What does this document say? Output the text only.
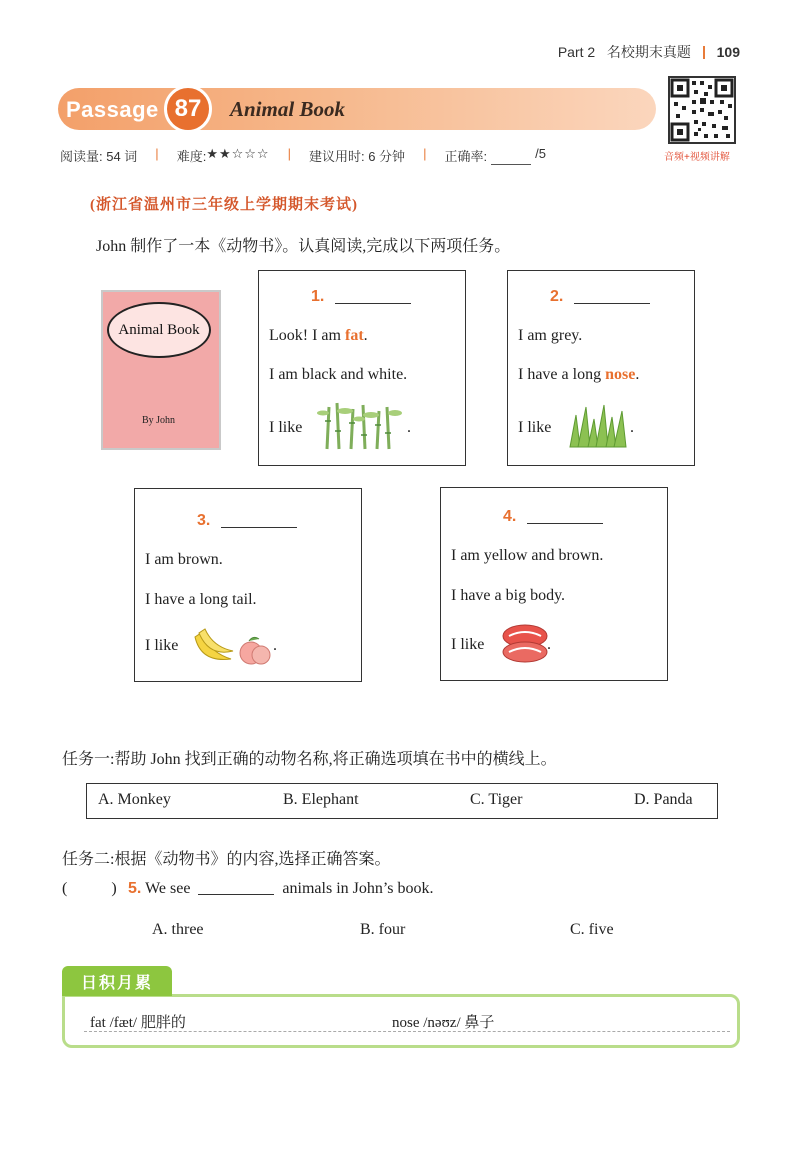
Part 2 名校期末真题 109
Passage 87	Animal Book
音频+视频讲解
阅读量: 54 词 | 难度: ★★☆☆☆ | 建议用时: 6 分钟 | 正确率:	/5
(浙江省温州市三年级上学期期末考试)
John 制作了一本《动物书》。认真阅读,完成以下两项任务。
Animal Book
By John
1.
Look! I am fat.
I am black and white.
I like	.
2.
I am grey.
I have a long nose.
I like	.
3.
I am brown.
I have a long tail.
I like	.
4.
I am yellow and brown.
I have a big body.
I like	.
任务一:帮助 John 找到正确的动物名称,将正确选项填在书中的横线上。
A. Monkey	B. Elephant	C. Tiger	D. Panda
任务二:根据《动物书》的内容,选择正确答案。
(	) 5. We see	animals in John’s book.
A. three	B. four	C. five
日积月累
fat /fæt/ 肥胖的	nose /nəʊz/ 鼻子
